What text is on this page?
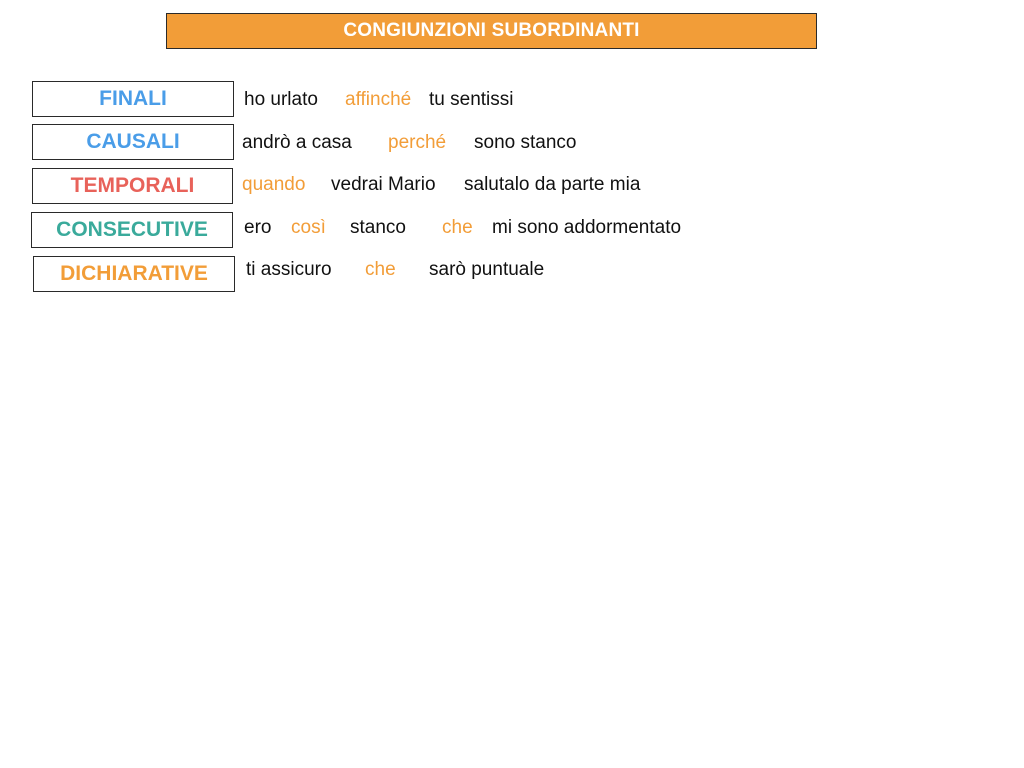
CONGIUNZIONI SUBORDINANTI
FINALI	ho urlato affinché tu sentissi
CAUSALI	andrò a casa perché sono stanco
TEMPORALI	quando vedrai Mario salutalo da parte mia
CONSECUTIVE ero così stanco che mi sono addormentato
DICHIARATIVE ti assicuro che sarò puntuale
